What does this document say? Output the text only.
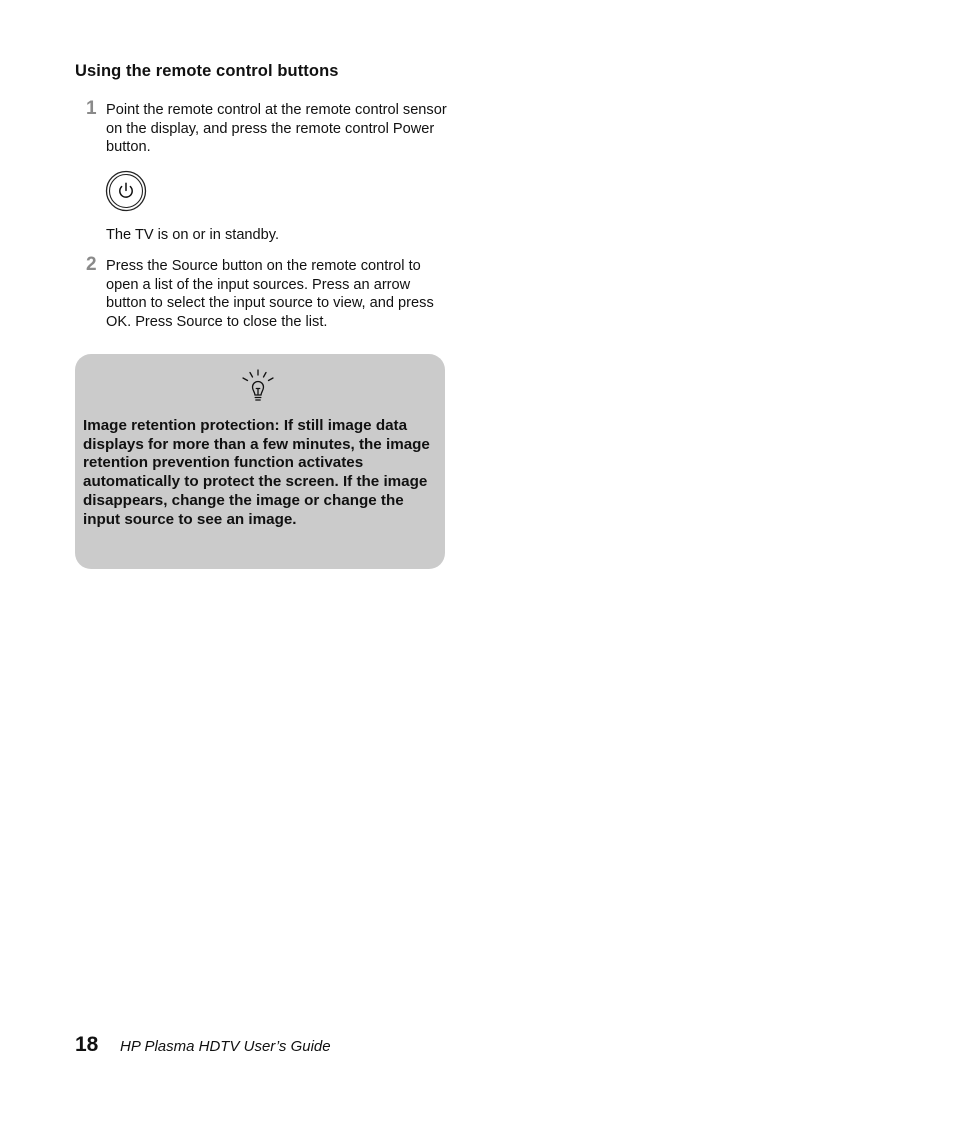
Using the remote control buttons
1 Point the remote control at the remote control sensor on the display, and press the remote control Power button.

The TV is on or in standby.

2 Press the Source button on the remote control to open a list of the input sources. Press an arrow button to select the input source to view, and press OK. Press Source to close the list.

Image retention protection: If still image data displays for more than a few minutes, the image retention prevention function activates automatically to protect the screen. If the image disappears, change the image or change the input source to see an image.

18 HP Plasma HDTV User’s Guide
